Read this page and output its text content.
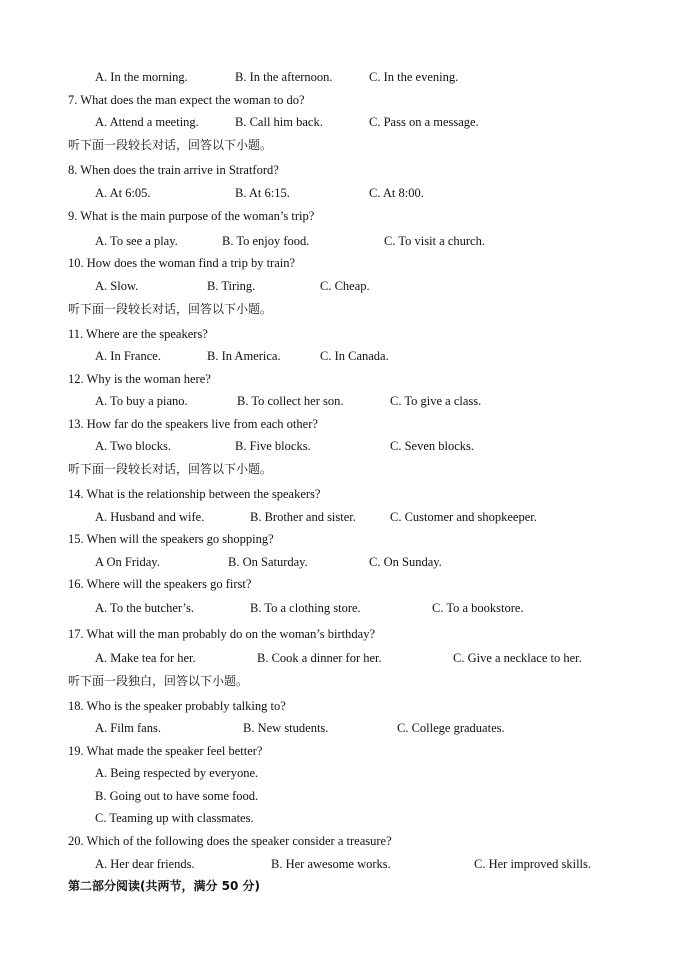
A. In the morning.	B. In the afternoon.	C. In the evening.
7. What does the man expect the woman to do?
A. Attend a meeting.	B. Call him back.	C. Pass on a message.
听下面一段较长对话，回答以下小题。
8. When does the train arrive in Stratford?
A. At 6:05.	B. At 6:15.	C. At 8:00.
9. What is the main purpose of the woman’s trip?
A. To see a play.	B. To enjoy food.	C. To visit a church.
10. How does the woman find a trip by train?
A. Slow.	B. Tiring.	C. Cheap.
听下面一段较长对话，回答以下小题。
11. Where are the speakers?
A. In France.	B. In America.	C. In Canada.
12. Why is the woman here?
A. To buy a piano.	B. To collect her son.	C. To give a class.
13. How far do the speakers live from each other?
A. Two blocks.	B. Five blocks.	C. Seven blocks.
听下面一段较长对话，回答以下小题。
14. What is the relationship between the speakers?
A. Husband and wife.	B. Brother and sister.	C. Customer and shopkeeper.
15. When will the speakers go shopping?
A On Friday.	B. On Saturday.	C. On Sunday.
16. Where will the speakers go first?
A. To the butcher’s.	B. To a clothing store.	C. To a bookstore.
17. What will the man probably do on the woman’s birthday?
A. Make tea for her.	B. Cook a dinner for her.	C. Give a necklace to her.
听下面一段独白，回答以下小题。
18. Who is the speaker probably talking to?
A. Film fans.	B. New students.	C. College graduates.
19. What made the speaker feel better?
A. Being respected by everyone.
B. Going out to have some food.
C. Teaming up with classmates.
20. Which of the following does the speaker consider a treasure?
A. Her dear friends.	B. Her awesome works.	C. Her improved skills.
第二部分阅读(共两节，满分 50 分)
